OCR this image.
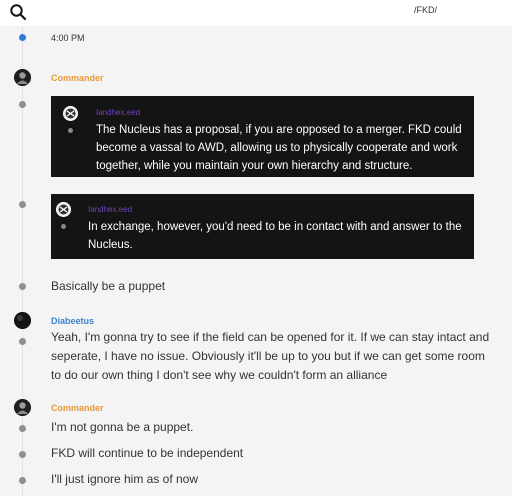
/FKD/
4:00 PM
Commander
Iandhex.eed
The Nucleus has a proposal, if you are opposed to a merger. FKD could become a vassal to AWD, allowing us to physically cooperate and work together, while you maintain your own hierarchy and structure.
Iandhex.eed
In exchange, however, you'd need to be in contact with and answer to the Nucleus.
Basically be a puppet
Diabeetus
Yeah, I'm gonna try to see if the field can be opened for it. If we can stay intact and seperate, I have no issue. Obviously it'll be up to you but if we can get some room to do our own thing I don't see why we couldn't form an alliance
Commander
I'm not gonna be a puppet.
FKD will continue to be independent
I'll just ignore him as of now
